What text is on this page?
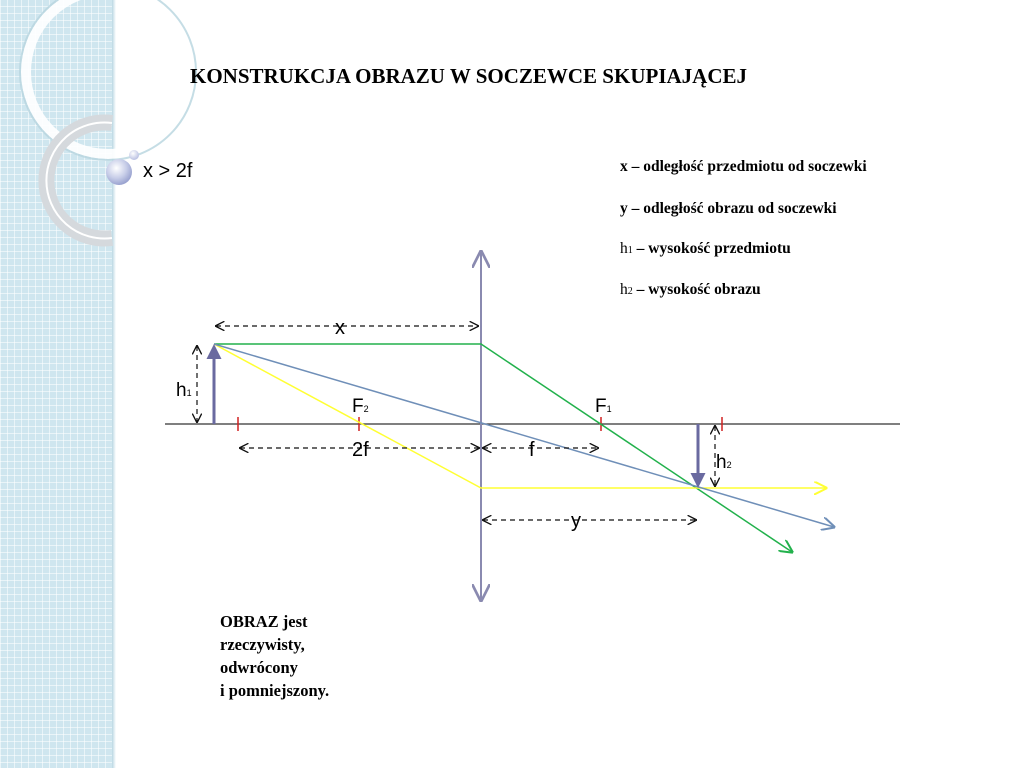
KONSTRUKCJA OBRAZU W SOCZEWCE SKUPIAJĄCEJ
x > 2f	x – odległość przedmiotu od soczewki
y – odległość obrazu od soczewki
h1 – wysokość przedmiotu
h2 – wysokość obrazu
x
2f	f
y
h1
h2
F2	F1
OBRAZ jest
rzeczywisty,
odwrócony
i pomniejszony.
